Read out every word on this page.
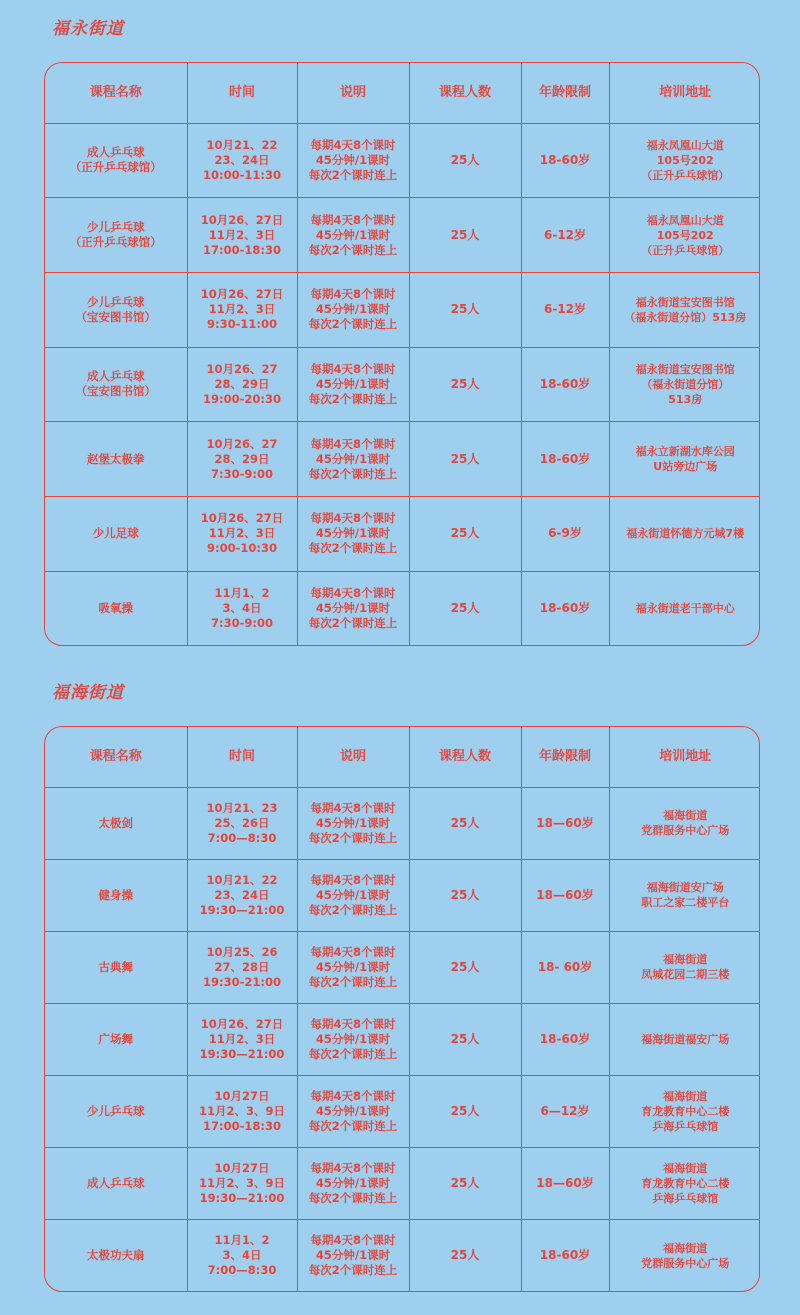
福永街道
课程名称	时间	说明	课程人数	年龄限制	培训地址
成人乒乓球
（正升乒乓球馆）	10月21、22
23、24日
10:00-11:30	每期4天8个课时
45分钟/1课时
每次2个课时连上	25人	18-60岁	福永凤凰山大道
105号202
（正升乒乓球馆）
少儿乒乓球
（正升乒乓球馆）	10月26、27日
11月2、3日
17:00-18:30	每期4天8个课时
45分钟/1课时
每次2个课时连上	25人	6-12岁	福永凤凰山大道
105号202
（正升乒乓球馆）
少儿乒乓球
（宝安图书馆）	10月26、27日
11月2、3日
9:30-11:00	每期4天8个课时
45分钟/1课时
每次2个课时连上	25人	6-12岁	福永街道宝安图书馆
（福永街道分馆）513房
成人乒乓球
（宝安图书馆）	10月26、27
28、29日
19:00-20:30	每期4天8个课时
45分钟/1课时
每次2个课时连上	25人	18-60岁	福永街道宝安图书馆
（福永街道分馆）
513房
赵堡太极拳	10月26、27
28、29日
7:30-9:00	每期4天8个课时
45分钟/1课时
每次2个课时连上	25人	18-60岁	福永立新湖水库公园
U站旁边广场
少儿足球	10月26、27日
11月2、3日
9:00-10:30	每期4天8个课时
45分钟/1课时
每次2个课时连上	25人	6-9岁	福永街道怀德方元城7楼
吸氧操	11月1、2
3、4日
7:30-9:00	每期4天8个课时
45分钟/1课时
每次2个课时连上	25人	18-60岁	福永街道老干部中心
福海街道
课程名称	时间	说明	课程人数	年龄限制	培训地址
太极剑	10月21、23
25、26日
7:00—8:30	每期4天8个课时
45分钟/1课时
每次2个课时连上	25人	18—60岁	福海街道
党群服务中心广场
健身操	10月21、22
23、24日
19:30—21:00	每期4天8个课时
45分钟/1课时
每次2个课时连上	25人	18—60岁	福海街道安广场
职工之家二楼平台
古典舞	10月25、26
27、28日
19:30-21:00	每期4天8个课时
45分钟/1课时
每次2个课时连上	25人	18- 60岁	福海街道
凤城花园二期三楼
广场舞	10月26、27日
11月2、3日
19:30—21:00	每期4天8个课时
45分钟/1课时
每次2个课时连上	25人	18-60岁	福海街道福安广场
少儿乒乓球	10月27日
11月2、3、9日
17:00-18:30	每期4天8个课时
45分钟/1课时
每次2个课时连上	25人	6—12岁	福海街道
育龙教育中心二楼
乒海乒乓球馆
成人乒乓球	10月27日
11月2、3、9日
19:30—21:00	每期4天8个课时
45分钟/1课时
每次2个课时连上	25人	18—60岁	福海街道
育龙教育中心二楼
乒海乒乓球馆
太极功夫扇	11月1、2
3、4日
7:00—8:30	每期4天8个课时
45分钟/1课时
每次2个课时连上	25人	18-60岁	福海街道
党群服务中心广场
